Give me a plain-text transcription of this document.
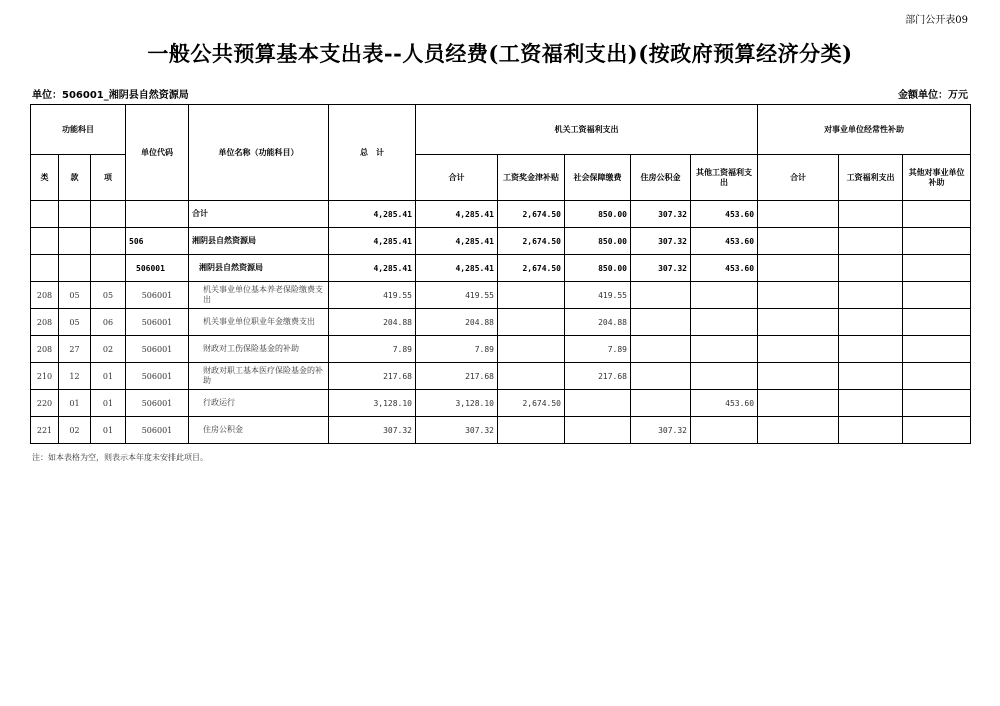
部门公开表09
一般公共预算基本支出表--人员经费(工资福利支出)(按政府预算经济分类)
单位：506001_湘阴县自然资源局	金额单位：万元
功能科目			单位代码	单位名称（功能科目）	总　计	机关工资福利支出					对事业单位经常性补助		
类	款	项				合计	工资奖金津补贴	社会保障缴费	住房公积金	其他工资福利支出	合计	工资福利支出	其他对事业单位补助
				合计	4,285.41	4,285.41	2,674.50	850.00	307.32	453.60			
			506	湘阴县自然资源局	4,285.41	4,285.41	2,674.50	850.00	307.32	453.60			
			506001	湘阴县自然资源局	4,285.41	4,285.41	2,674.50	850.00	307.32	453.60			
208	05	05	506001	机关事业单位基本养老保险缴费支出	419.55	419.55		419.55					
208	05	06	506001	机关事业单位职业年金缴费支出	204.88	204.88		204.88					
208	27	02	506001	财政对工伤保险基金的补助	7.89	7.89		7.89					
210	12	01	506001	财政对职工基本医疗保险基金的补助	217.68	217.68		217.68					
220	01	01	506001	行政运行	3,128.10	3,128.10	2,674.50			453.60			
221	02	01	506001	住房公积金	307.32	307.32			307.32				
注：如本表格为空，则表示本年度未安排此项目。
